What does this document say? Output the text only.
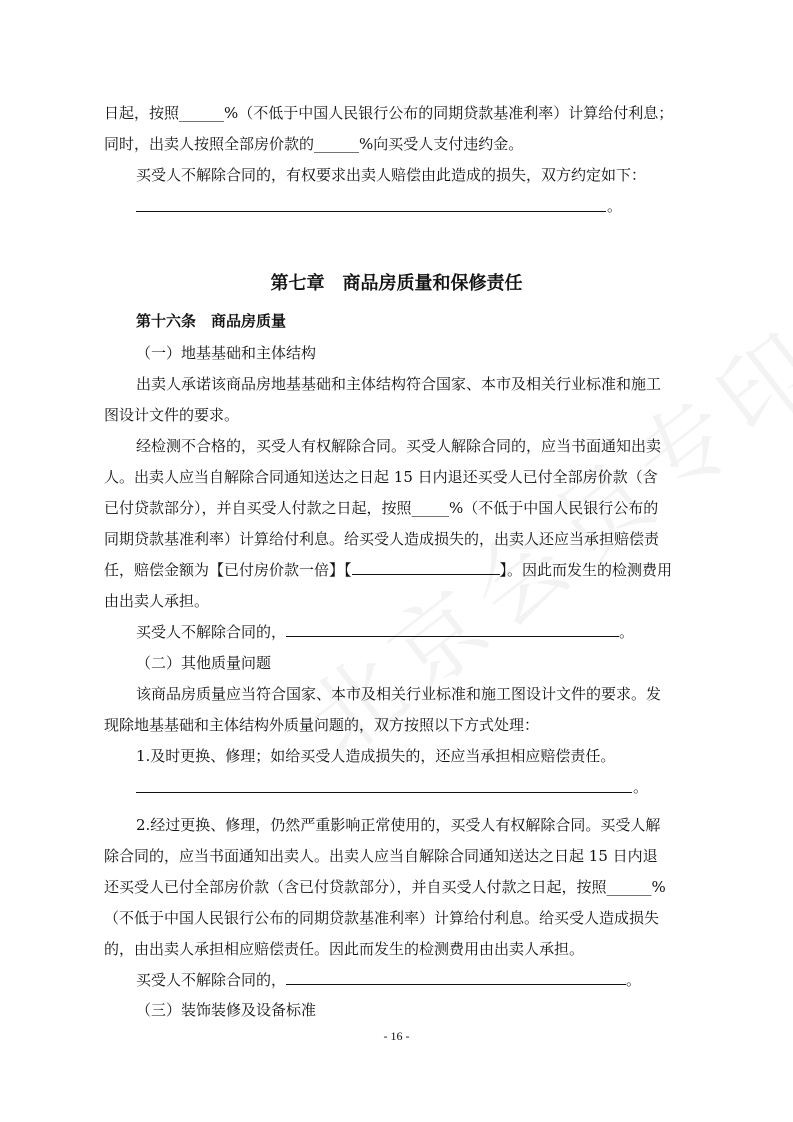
日起，按照______%（不低于中国人民银行公布的同期贷款基准利率）计算给付利息；
同时，出卖人按照全部房价款的______%向买受人支付违约金。
买受人不解除合同的，有权要求出卖人赔偿由此造成的损失，双方约定如下：
。
第七章　商品房质量和保修责任
第十六条　商品房质量
（一）地基基础和主体结构
出卖人承诺该商品房地基基础和主体结构符合国家、本市及相关行业标准和施工
图设计文件的要求。
经检测不合格的，买受人有权解除合同。买受人解除合同的，应当书面通知出卖
人。出卖人应当自解除合同通知送达之日起 15 日内退还买受人已付全部房价款（含
已付贷款部分），并自买受人付款之日起，按照_____%（不低于中国人民银行公布的
同期贷款基准利率）计算给付利息。给买受人造成损失的，出卖人还应当承担赔偿责
任，赔偿金额为【已付房价款一倍】【	】。因此而发生的检测费用
由出卖人承担。
买受人不解除合同的，	。
（二）其他质量问题
该商品房质量应当符合国家、本市及相关行业标准和施工图设计文件的要求。发
现除地基基础和主体结构外质量问题的，双方按照以下方式处理：
1.及时更换、修理；如给买受人造成损失的，还应当承担相应赔偿责任。
。
2.经过更换、修理，仍然严重影响正常使用的，买受人有权解除合同。买受人解
除合同的，应当书面通知出卖人。出卖人应当自解除合同通知送达之日起 15 日内退
还买受人已付全部房价款（含已付贷款部分），并自买受人付款之日起，按照______%
（不低于中国人民银行公布的同期贷款基准利率）计算给付利息。给买受人造成损失
的，由出卖人承担相应赔偿责任。因此而发生的检测费用由出卖人承担。
买受人不解除合同的，	。
（三）装饰装修及设备标准
- 16 -
